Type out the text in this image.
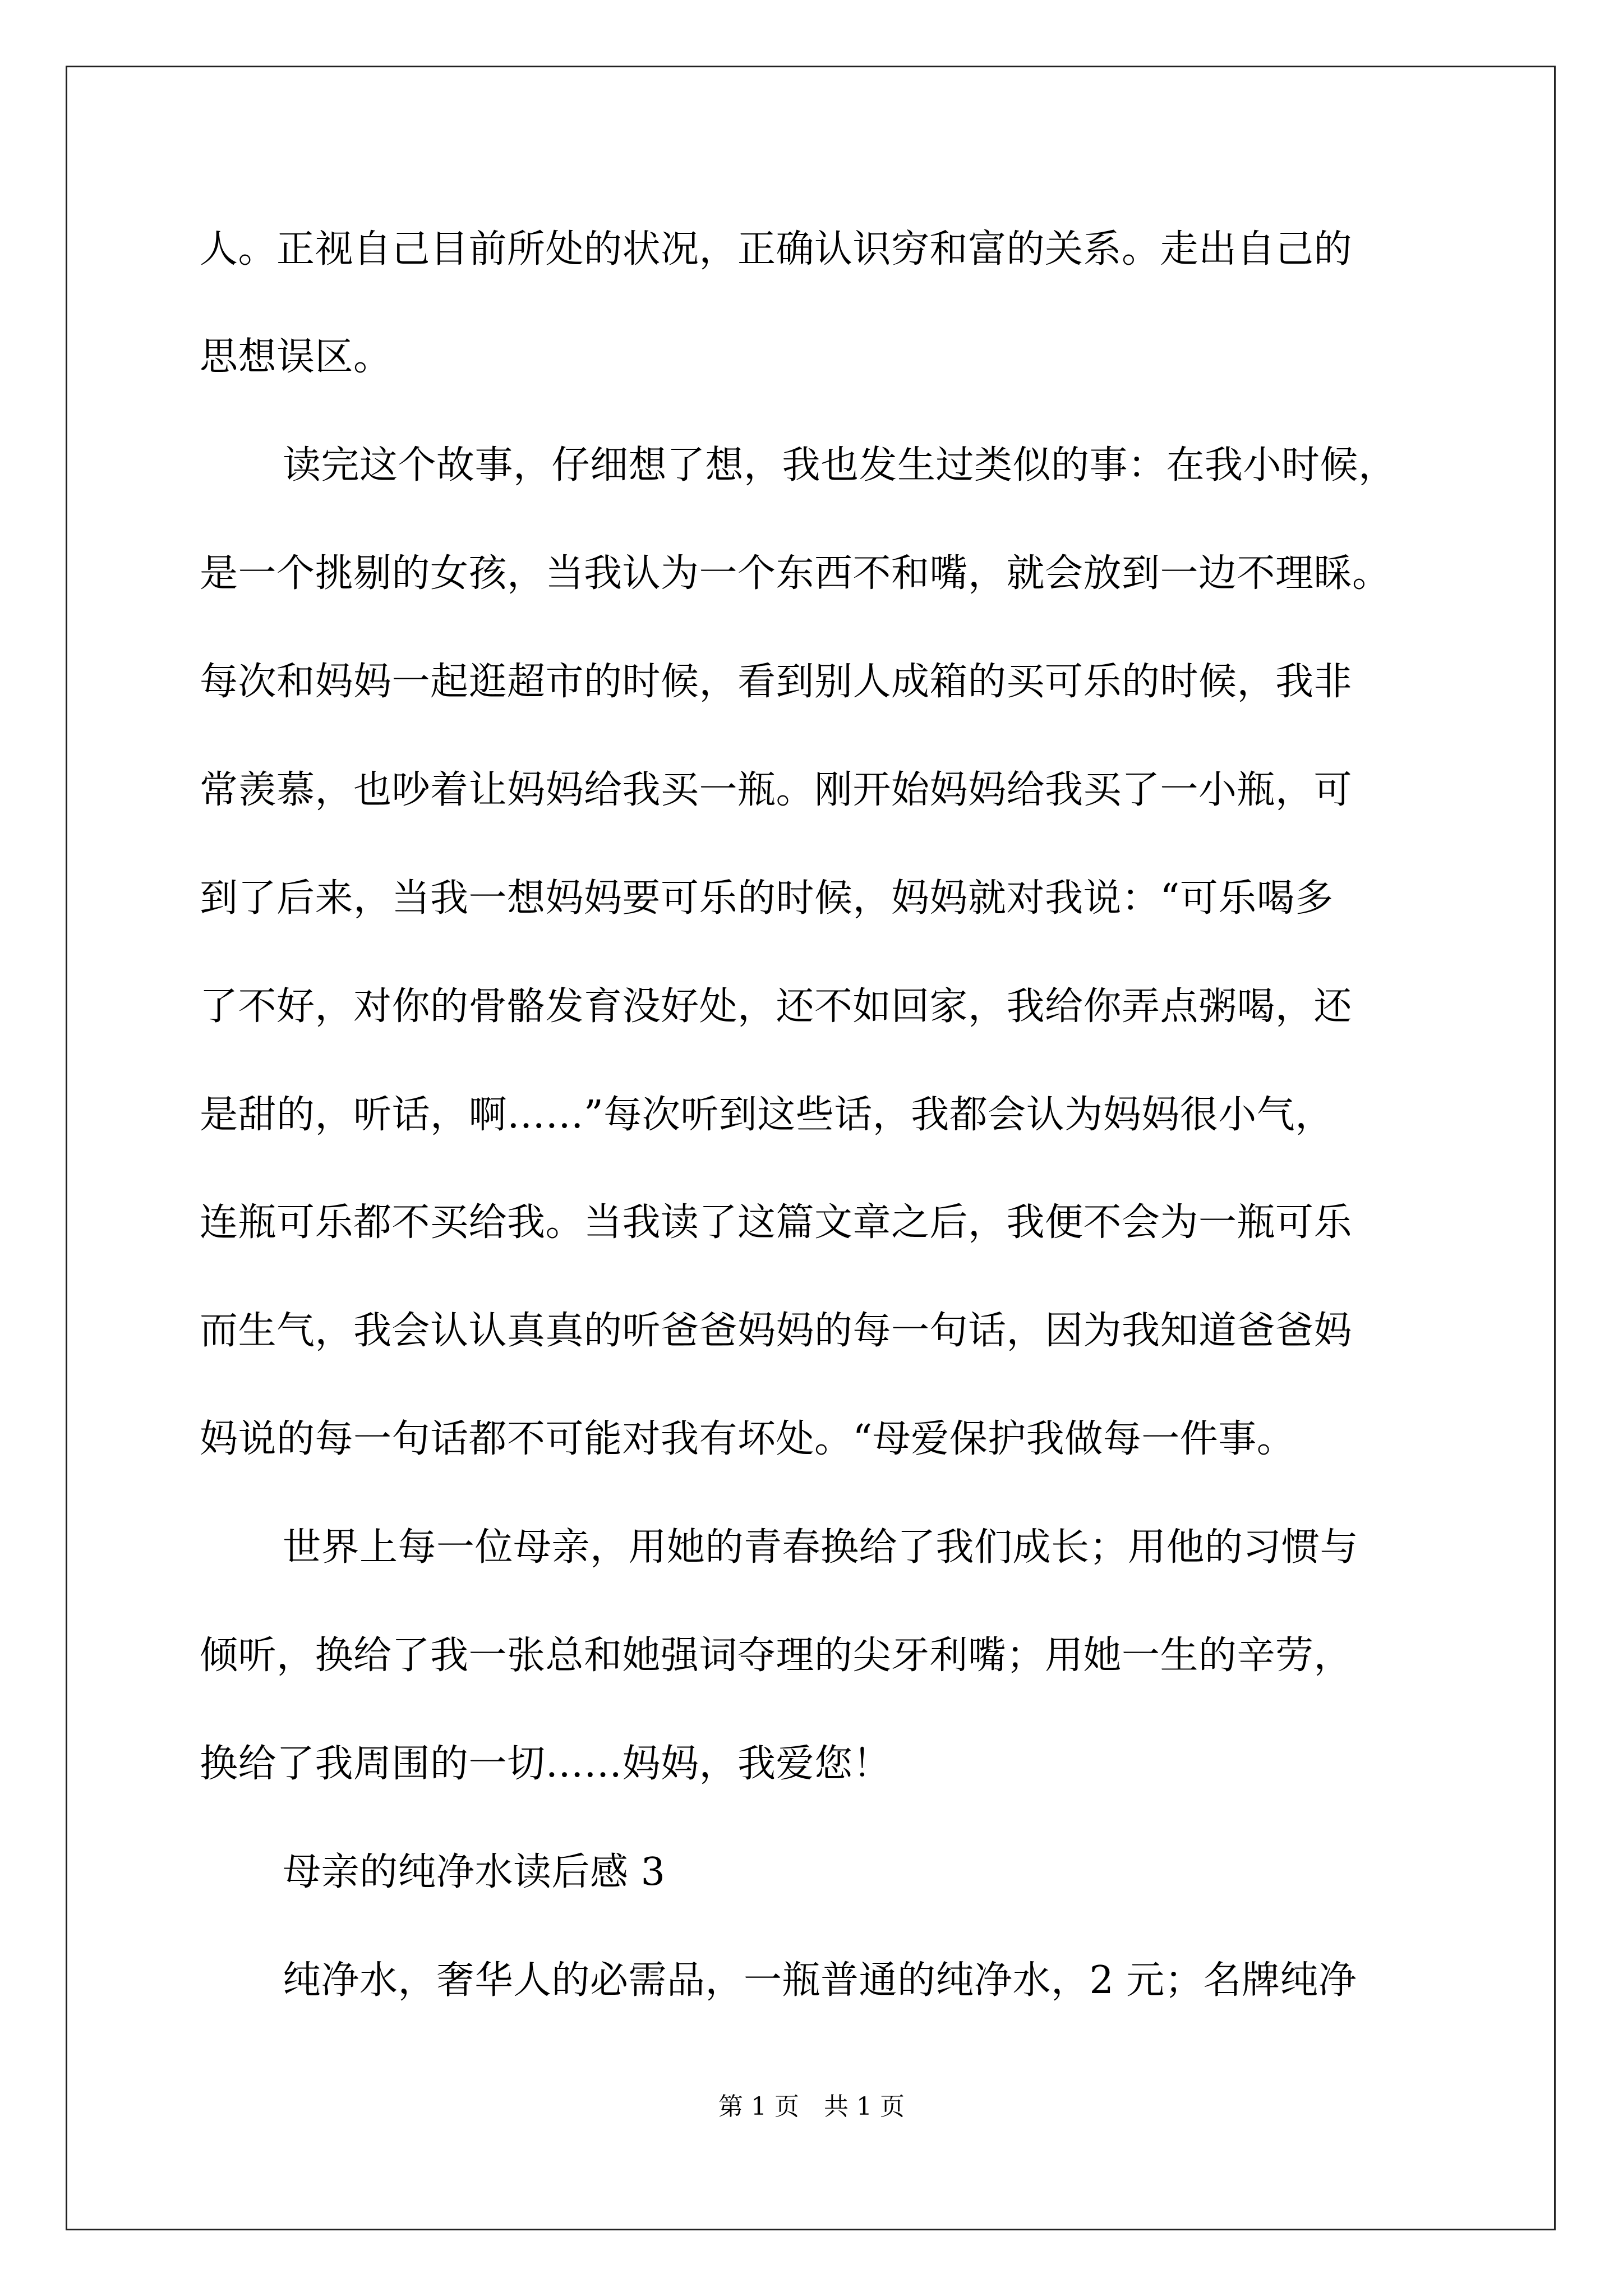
人。正视自己目前所处的状况，正确认识穷和富的关系。走出自己的
思想误区。
读完这个故事，仔细想了想，我也发生过类似的事：在我小时候，
是一个挑剔的女孩，当我认为一个东西不和嘴，就会放到一边不理睬。
每次和妈妈一起逛超市的时候，看到别人成箱的买可乐的时候，我非
常羡慕，也吵着让妈妈给我买一瓶。刚开始妈妈给我买了一小瓶，可
到了后来，当我一想妈妈要可乐的时候，妈妈就对我说：“可乐喝多
了不好，对你的骨骼发育没好处，还不如回家，我给你弄点粥喝，还
是甜的，听话，啊……”每次听到这些话，我都会认为妈妈很小气，
连瓶可乐都不买给我。当我读了这篇文章之后，我便不会为一瓶可乐
而生气，我会认认真真的听爸爸妈妈的每一句话，因为我知道爸爸妈
妈说的每一句话都不可能对我有坏处。“母爱保护我做每一件事。
世界上每一位母亲，用她的青春换给了我们成长；用他的习惯与
倾听，换给了我一张总和她强词夺理的尖牙利嘴；用她一生的辛劳，
换给了我周围的一切……妈妈，我爱您！
母亲的纯净水读后感 3
纯净水，奢华人的必需品，一瓶普通的纯净水，2 元；名牌纯净
第 1 页　共 1 页
